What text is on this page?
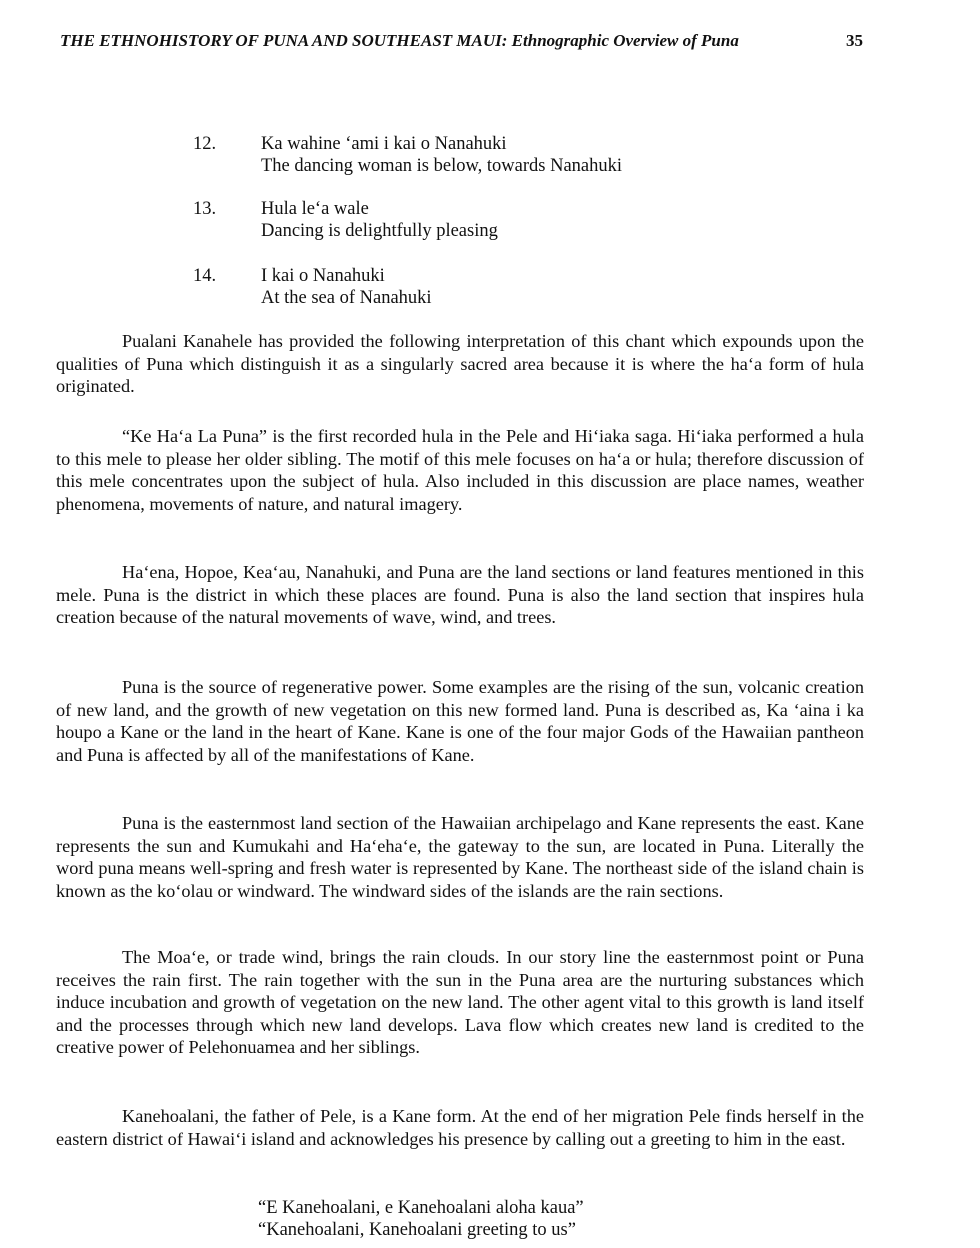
THE ETHNOHISTORY OF PUNA AND SOUTHEAST MAUI: Ethnographic Overview of Puna	35
12.	Ka wahine ‘ami i kai o Nanahuki
The dancing woman is below, towards Nanahuki
13.	Hula le‘a wale
Dancing is delightfully pleasing
14.	I kai o Nanahuki
At the sea of Nanahuki

Pualani Kanahele has provided the following interpretation of this chant which expounds upon the qualities of Puna which distinguish it as a singularly sacred area because it is where the ha‘a form of hula originated.

“Ke Ha‘a La Puna” is the first recorded hula in the Pele and Hi‘iaka saga. Hi‘iaka performed a hula to this mele to please her older sibling. The motif of this mele focuses on ha‘a or hula; therefore discussion of this mele concentrates upon the subject of hula. Also included in this discussion are place names, weather phenomena, movements of nature, and natural imagery.

Ha‘ena, Hopoe, Kea‘au, Nanahuki, and Puna are the land sections or land features mentioned in this mele. Puna is the district in which these places are found. Puna is also the land section that inspires hula creation because of the natural movements of wave, wind, and trees.

Puna is the source of regenerative power. Some examples are the rising of the sun, volcanic creation of new land, and the growth of new vegetation on this new formed land. Puna is described as, Ka ‘aina i ka houpo a Kane or the land in the heart of Kane. Kane is one of the four major Gods of the Hawaiian pantheon and Puna is affected by all of the manifestations of Kane.

Puna is the easternmost land section of the Hawaiian archipelago and Kane represents the east. Kane represents the sun and Kumukahi and Ha‘eha‘e, the gateway to the sun, are located in Puna. Literally the word puna means well-spring and fresh water is represented by Kane. The northeast side of the island chain is known as the ko‘olau or windward. The windward sides of the islands are the rain sections.

The Moa‘e, or trade wind, brings the rain clouds. In our story line the easternmost point or Puna receives the rain first. The rain together with the sun in the Puna area are the nurturing substances which induce incubation and growth of vegetation on the new land. The other agent vital to this growth is land itself and the processes through which new land develops. Lava flow which creates new land is credited to the creative power of Pelehonuamea and her siblings.

Kanehoalani, the father of Pele, is a Kane form. At the end of her migration Pele finds herself in the eastern district of Hawai‘i island and acknowledges his presence by calling out a greeting to him in the east.

“E Kanehoalani, e Kanehoalani aloha kaua”
“Kanehoalani, Kanehoalani greeting to us”
